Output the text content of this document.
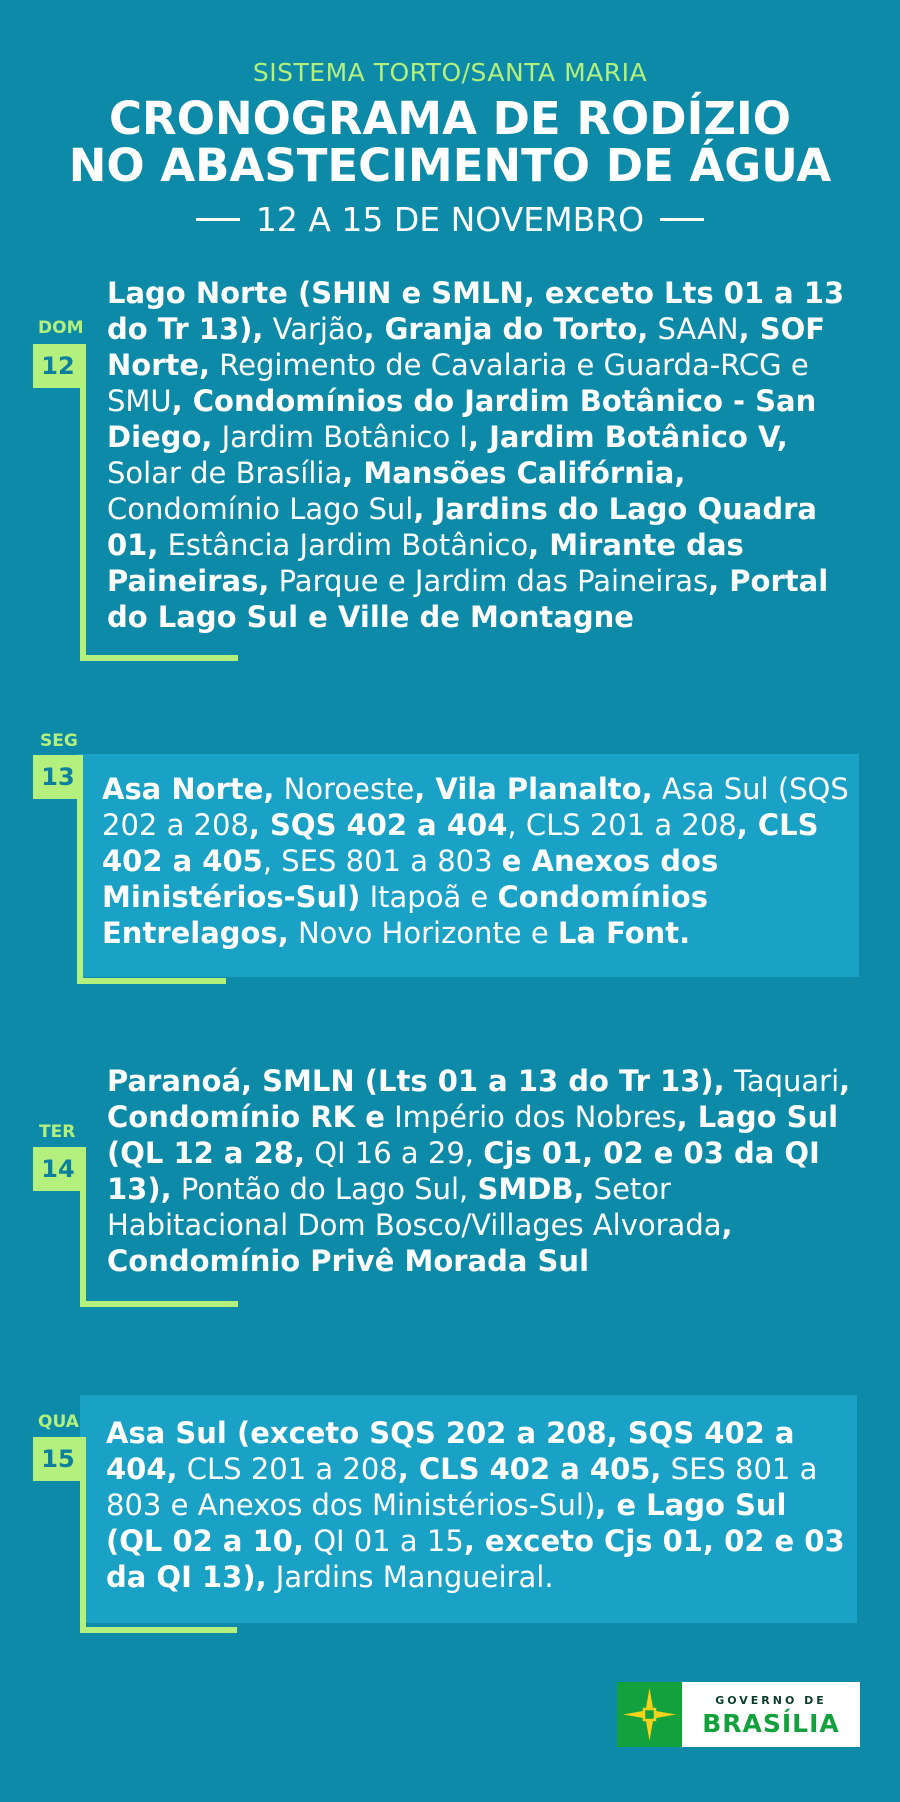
SISTEMA TORTO/SANTA MARIA
CRONOGRAMA DE RODÍZIO
NO ABASTECIMENTO DE ÁGUA
12 A 15 DE NOVEMBRO
DOM
12
Lago Norte (SHIN e SMLN, exceto Lts 01 a 13 do Tr 13), Varjão, Granja do Torto, SAAN, SOF Norte, Regimento de Cavalaria e Guarda-RCG e SMU, Condomínios do Jardim Botânico - San Diego, Jardim Botânico I, Jardim Botânico V, Solar de Brasília, Mansões Califórnia, Condomínio Lago Sul, Jardins do Lago Quadra 01, Estância Jardim Botânico, Mirante das Paineiras, Parque e Jardim das Paineiras, Portal do Lago Sul e Ville de Montagne
SEG
13 Asa Norte, Noroeste, Vila Planalto, Asa Sul (SQS 202 a 208, SQS 402 a 404, CLS 201 a 208, CLS 402 a 405, SES 801 a 803 e Anexos dos Ministérios-Sul) Itapoã e Condomínios Entrelagos, Novo Horizonte e La Font.
TER
14
Paranoá, SMLN (Lts 01 a 13 do Tr 13), Taquari, Condomínio RK e Império dos Nobres, Lago Sul (QL 12 a 28, QI 16 a 29, Cjs 01, 02 e 03 da QI 13), Pontão do Lago Sul, SMDB, Setor Habitacional Dom Bosco/Villages Alvorada, Condomínio Privê Morada Sul
QUA
15
Asa Sul (exceto SQS 202 a 208, SQS 402 a 404, CLS 201 a 208, CLS 402 a 405, SES 801 a 803 e Anexos dos Ministérios-Sul), e Lago Sul (QL 02 a 10, QI 01 a 15, exceto Cjs 01, 02 e 03 da QI 13), Jardins Mangueiral.
GOVERNO DE
BRASÍLIA
